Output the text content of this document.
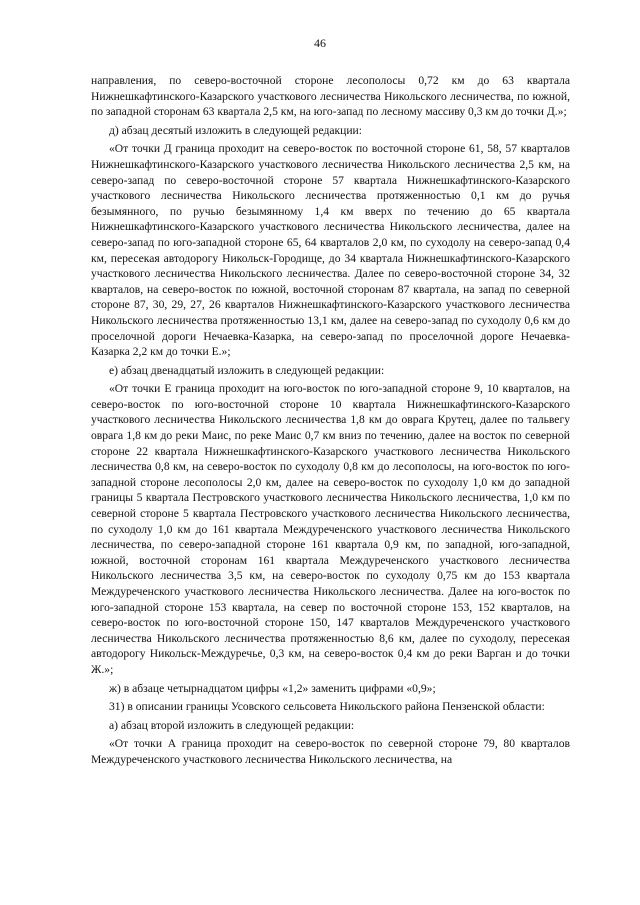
46

направления, по северо-восточной стороне лесополосы 0,72 км до 63 квартала Нижнешкафтинского-Казарского участкового лесничества Никольского лесничества, по южной, по западной сторонам 63 квартала 2,5 км, на юго-запад по лесному массиву 0,3 км до точки Д.»;

д) абзац десятый изложить в следующей редакции:

«От точки Д граница проходит на северо-восток по восточной стороне 61, 58, 57 кварталов Нижнешкафтинского-Казарского участкового лесничества Никольского лесничества 2,5 км, на северо-запад по северо-восточной стороне 57 квартала Нижнешкафтинского-Казарского участкового лесничества Никольского лесничества протяженностью 0,1 км до ручья безымянного, по ручью безымянному 1,4 км вверх по течению до 65 квартала Нижнешкафтинского-Казарского участкового лесничества Никольского лесничества, далее на северо-запад по юго-западной стороне 65, 64 кварталов 2,0 км, по суходолу на северо-запад 0,4 км, пересекая автодорогу Никольск-Городище, до 34 квартала Нижнешкафтинского-Казарского участкового лесничества Никольского лесничества. Далее по северо-восточной стороне 34, 32 кварталов, на северо-восток по южной, восточной сторонам 87 квартала, на запад по северной стороне 87, 30, 29, 27, 26 кварталов Нижнешкафтинского-Казарского участкового лесничества Никольского лесничества протяженностью 13,1 км, далее на северо-запад по суходолу 0,6 км до проселочной дороги Нечаевка-Казарка, на северо-запад по проселочной дороге Нечаевка-Казарка 2,2 км до точки Е.»;

е) абзац двенадцатый изложить в следующей редакции:

«От точки Е граница проходит на юго-восток по юго-западной стороне 9, 10 кварталов, на северо-восток по юго-восточной стороне 10 квартала Нижнешкафтинского-Казарского участкового лесничества Никольского лесничества 1,8 км до оврага Крутец, далее по тальвегу оврага 1,8 км до реки Маис, по реке Маис 0,7 км вниз по течению, далее на восток по северной стороне 22 квартала Нижнешкафтинского-Казарского участкового лесничества Никольского лесничества 0,8 км, на северо-восток по суходолу 0,8 км до лесополосы, на юго-восток по юго-западной стороне лесополосы 2,0 км, далее на северо-восток по суходолу 1,0 км до западной границы 5 квартала Пестровского участкового лесничества Никольского лесничества, 1,0 км по северной стороне 5 квартала Пестровского участкового лесничества Никольского лесничества, по суходолу 1,0 км до 161 квартала Междуреченского участкового лесничества Никольского лесничества, по северо-западной стороне 161 квартала 0,9 км, по западной, юго-западной, южной, восточной сторонам 161 квартала Междуреченского участкового лесничества Никольского лесничества 3,5 км, на северо-восток по суходолу 0,75 км до 153 квартала Междуреченского участкового лесничества Никольского лесничества. Далее на юго-восток по юго-западной стороне 153 квартала, на север по восточной стороне 153, 152 кварталов, на северо-восток по юго-восточной стороне 150, 147 кварталов Междуреченского участкового лесничества Никольского лесничества протяженностью 8,6 км, далее по суходолу, пересекая автодорогу Никольск-Междуречье, 0,3 км, на северо-восток 0,4 км до реки Варган и до точки Ж.»;

ж) в абзаце четырнадцатом цифры «1,2» заменить цифрами «0,9»;

31) в описании границы Усовского сельсовета Никольского района Пензенской области:

а) абзац второй изложить в следующей редакции:

«От точки А граница проходит на северо-восток по северной стороне 79, 80 кварталов Междуреченского участкового лесничества Никольского лесничества, на
